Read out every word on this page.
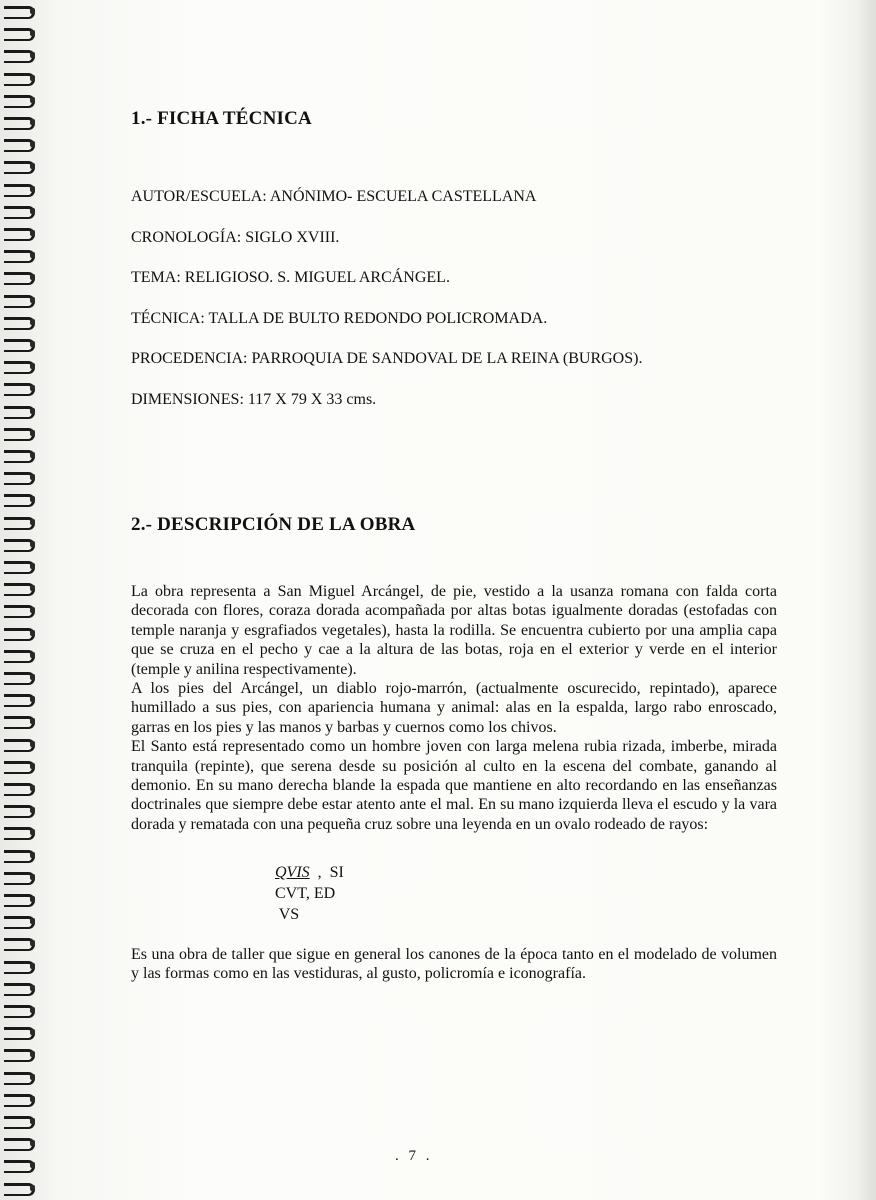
1.- FICHA TÉCNICA
AUTOR/ESCUELA: ANÓNIMO- ESCUELA CASTELLANA
CRONOLOGÍA: SIGLO XVIII.
TEMA: RELIGIOSO. S. MIGUEL ARCÁNGEL.
TÉCNICA: TALLA DE BULTO REDONDO POLICROMADA.
PROCEDENCIA: PARROQUIA DE SANDOVAL DE LA REINA (BURGOS).
DIMENSIONES: 117 X 79 X 33 cms.
2.- DESCRIPCIÓN DE LA OBRA

La obra representa a San Miguel Arcángel, de pie, vestido a la usanza romana con falda corta decorada con flores, coraza dorada acompañada por altas botas igualmente doradas (estofadas con temple naranja y esgrafiados vegetales), hasta la rodilla. Se encuentra cubierto por una amplia capa que se cruza en el pecho y cae a la altura de las botas, roja en el exterior y verde en el interior (temple y anilina respectivamente).

A los pies del Arcángel, un diablo rojo-marrón, (actualmente oscurecido, repintado), aparece humillado a sus pies, con apariencia humana y animal: alas en la espalda, largo rabo enroscado, garras en los pies y las manos y barbas y cuernos como los chivos.

El Santo está representado como un hombre joven con larga melena rubia rizada, imberbe, mirada tranquila (repinte), que serena desde su posición al culto en la escena del combate, ganando al demonio. En su mano derecha blande la espada que mantiene en alto recordando en las enseñanzas doctrinales que siempre debe estar atento ante el mal. En su mano izquierda lleva el escudo y la vara dorada y rematada con una pequeña cruz sobre una leyenda en un ovalo rodeado de rayos:

QVIS  ,  SI
CVT, ED
VS

Es una obra de taller que sigue en general los canones de la época tanto en el modelado de volumen y las formas como en las vestiduras, al gusto, policromía e iconografía.

. 7 .
